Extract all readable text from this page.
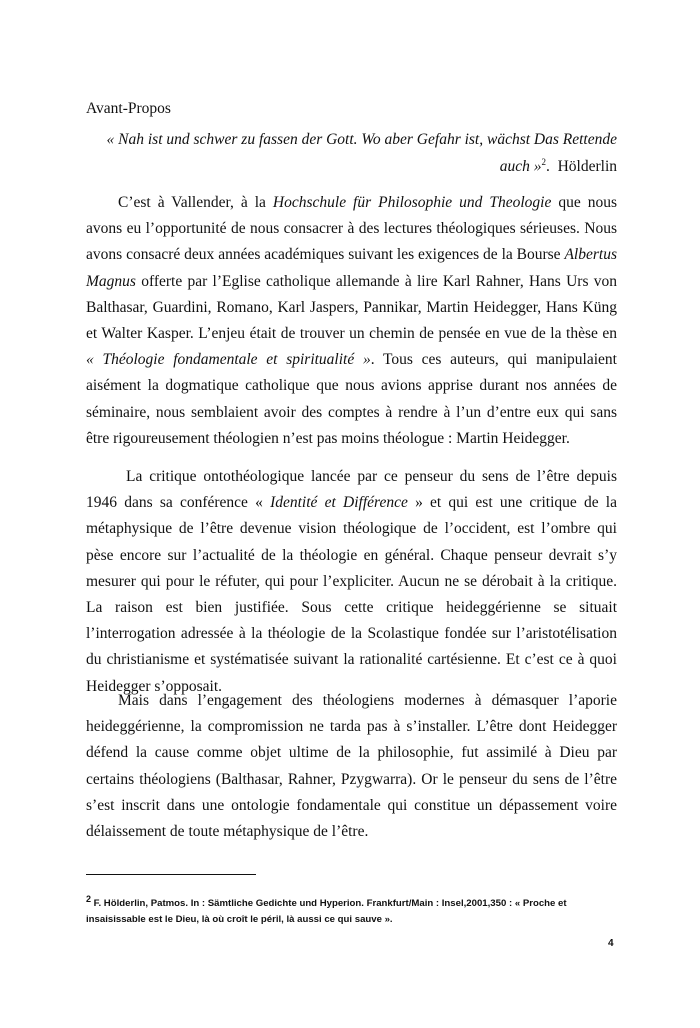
Avant-Propos
« Nah ist und schwer zu fassen der Gott. Wo aber Gefahr ist, wächst Das Rettende
auch »$^2$. Hölderlin
C’est à Vallender, à la Hochschule für Philosophie und Theologie que nous avons eu l’opportunité de nous consacrer à des lectures théologiques sérieuses. Nous avons consacré deux années académiques suivant les exigences de la Bourse Albertus Magnus offerte par l’Eglise catholique allemande à lire Karl Rahner, Hans Urs von Balthasar, Guardini, Romano, Karl Jaspers, Pannikar, Martin Heidegger, Hans Küng et Walter Kasper. L’enjeu était de trouver un chemin de pensée en vue de la thèse en « Théologie fondamentale et spiritualité ». Tous ces auteurs, qui manipulaient aisément la dogmatique catholique que nous avions apprise durant nos années de séminaire, nous semblaient avoir des comptes à rendre à l’un d’entre eux qui sans être rigoureusement théologien n’est pas moins théologue : Martin Heidegger.
La critique ontothéologique lancée par ce penseur du sens de l’être depuis 1946 dans sa conférence « Identité et Différence » et qui est une critique de la métaphysique de l’être devenue vision théologique de l’occident, est l’ombre qui pèse encore sur l’actualité de la théologie en général. Chaque penseur devrait s’y mesurer qui pour le réfuter, qui pour l’expliciter. Aucun ne se dérobait à la critique. La raison est bien justifiée. Sous cette critique heideggérienne se situait l’interrogation adressée à la théologie de la Scolastique fondée sur l’aristotélisation du christianisme et systématisée suivant la rationalité cartésienne. Et c’est ce à quoi Heidegger s’opposait.
Mais dans l’engagement des théologiens modernes à démasquer l’aporie heideggérienne, la compromission ne tarda pas à s’installer. L’être dont Heidegger défend la cause comme objet ultime de la philosophie, fut assimilé à Dieu par certains théologiens (Balthasar, Rahner, Pzygwarra). Or le penseur du sens de l’être s’est inscrit dans une ontologie fondamentale qui constitue un dépassement voire délaissement de toute métaphysique de l’être.
$^2$ F. Hölderlin, Patmos. In : Sämtliche Gedichte und Hyperion. Frankfurt/Main : Insel,2001,350 : « Proche et insaisissable est le Dieu, là où croît le péril, là aussi ce qui sauve ».
4
